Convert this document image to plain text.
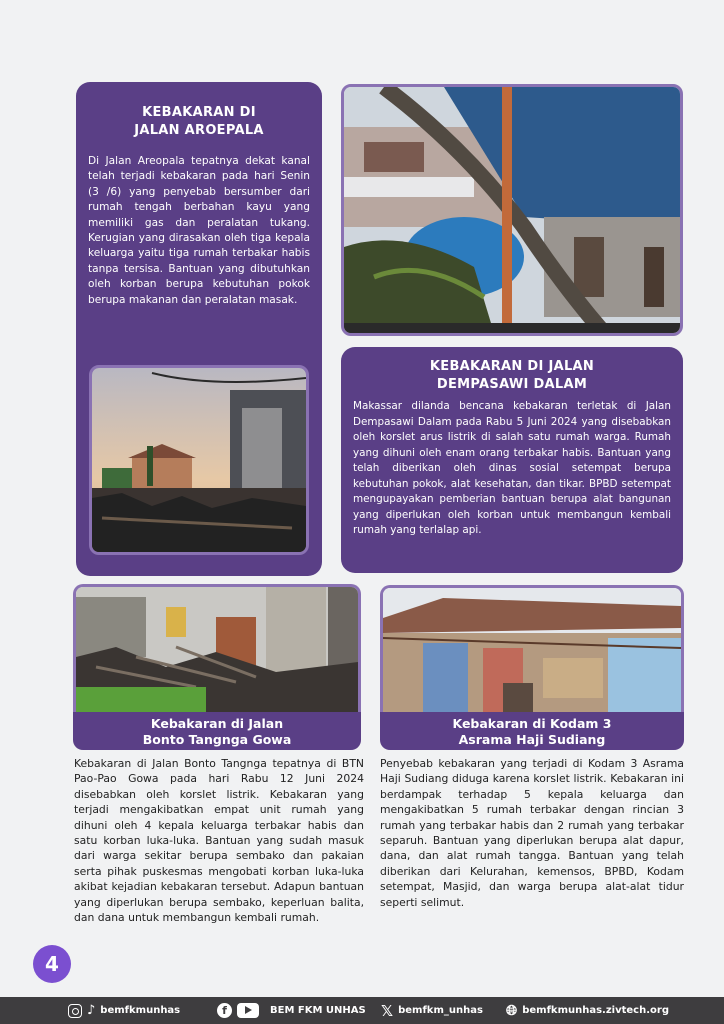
KEBAKARAN DI
JALAN AROEPALA

Di Jalan Areopala tepatnya dekat kanal telah terjadi kebakaran pada hari Senin (3 /6) yang penyebab bersumber dari rumah tengah berbahan kayu yang memiliki gas dan peralatan tukang. Kerugian yang dirasakan oleh tiga kepala keluarga yaitu tiga rumah terbakar habis tanpa tersisa. Bantuan yang dibutuhkan oleh korban berupa kebutuhan pokok berupa makanan dan peralatan masak.

KEBAKARAN DI JALAN
DEMPASAWI DALAM

Makassar dilanda bencana kebakaran terletak di Jalan Dempasawi Dalam pada Rabu 5 Juni 2024 yang disebabkan oleh korslet arus listrik di salah satu rumah warga. Rumah yang dihuni oleh enam orang terbakar habis. Bantuan yang telah diberikan oleh dinas sosial setempat berupa kebutuhan pokok, alat kesehatan, dan tikar. BPBD setempat mengupayakan pemberian bantuan berupa alat bangunan yang diperlukan oleh korban untuk membangun kembali rumah yang terlalap api.

Kebakaran di Jalan
Bonto Tangnga Gowa

Kebakaran di Jalan Bonto Tangnga tepatnya di BTN Pao-Pao Gowa pada hari Rabu 12 Juni 2024 disebabkan oleh korslet listrik. Kebakaran yang terjadi mengakibatkan empat unit rumah yang dihuni oleh 4 kepala keluarga terbakar habis dan satu korban luka-luka. Bantuan yang sudah masuk dari warga sekitar berupa sembako dan pakaian serta pihak puskesmas mengobati korban luka-luka akibat kejadian kebakaran tersebut. Adapun bantuan yang diperlukan berupa sembako, keperluan balita, dan dana untuk membangun kembali rumah.

Kebakaran di Kodam 3
Asrama Haji Sudiang

Penyebab kebakaran yang terjadi di Kodam 3 Asrama Haji Sudiang diduga karena korslet listrik. Kebakaran ini berdampak terhadap 5 kepala keluarga dan mengakibatkan 5 rumah terbakar dengan rincian 3 rumah yang terbakar habis dan 2 rumah yang terbakar separuh. Bantuan yang diperlukan berupa alat dapur, dana, dan alat rumah tangga. Bantuan yang telah diberikan dari Kelurahan, kemensos, BPBD, Kodam setempat, Masjid, dan warga berupa alat-alat tidur seperti selimut.

4
♪ bemfkmunhas	f	BEM FKM UNHAS 𝕏 bemfkm_unhas 🌐︎ bemfkmunhas.zivtech.org
